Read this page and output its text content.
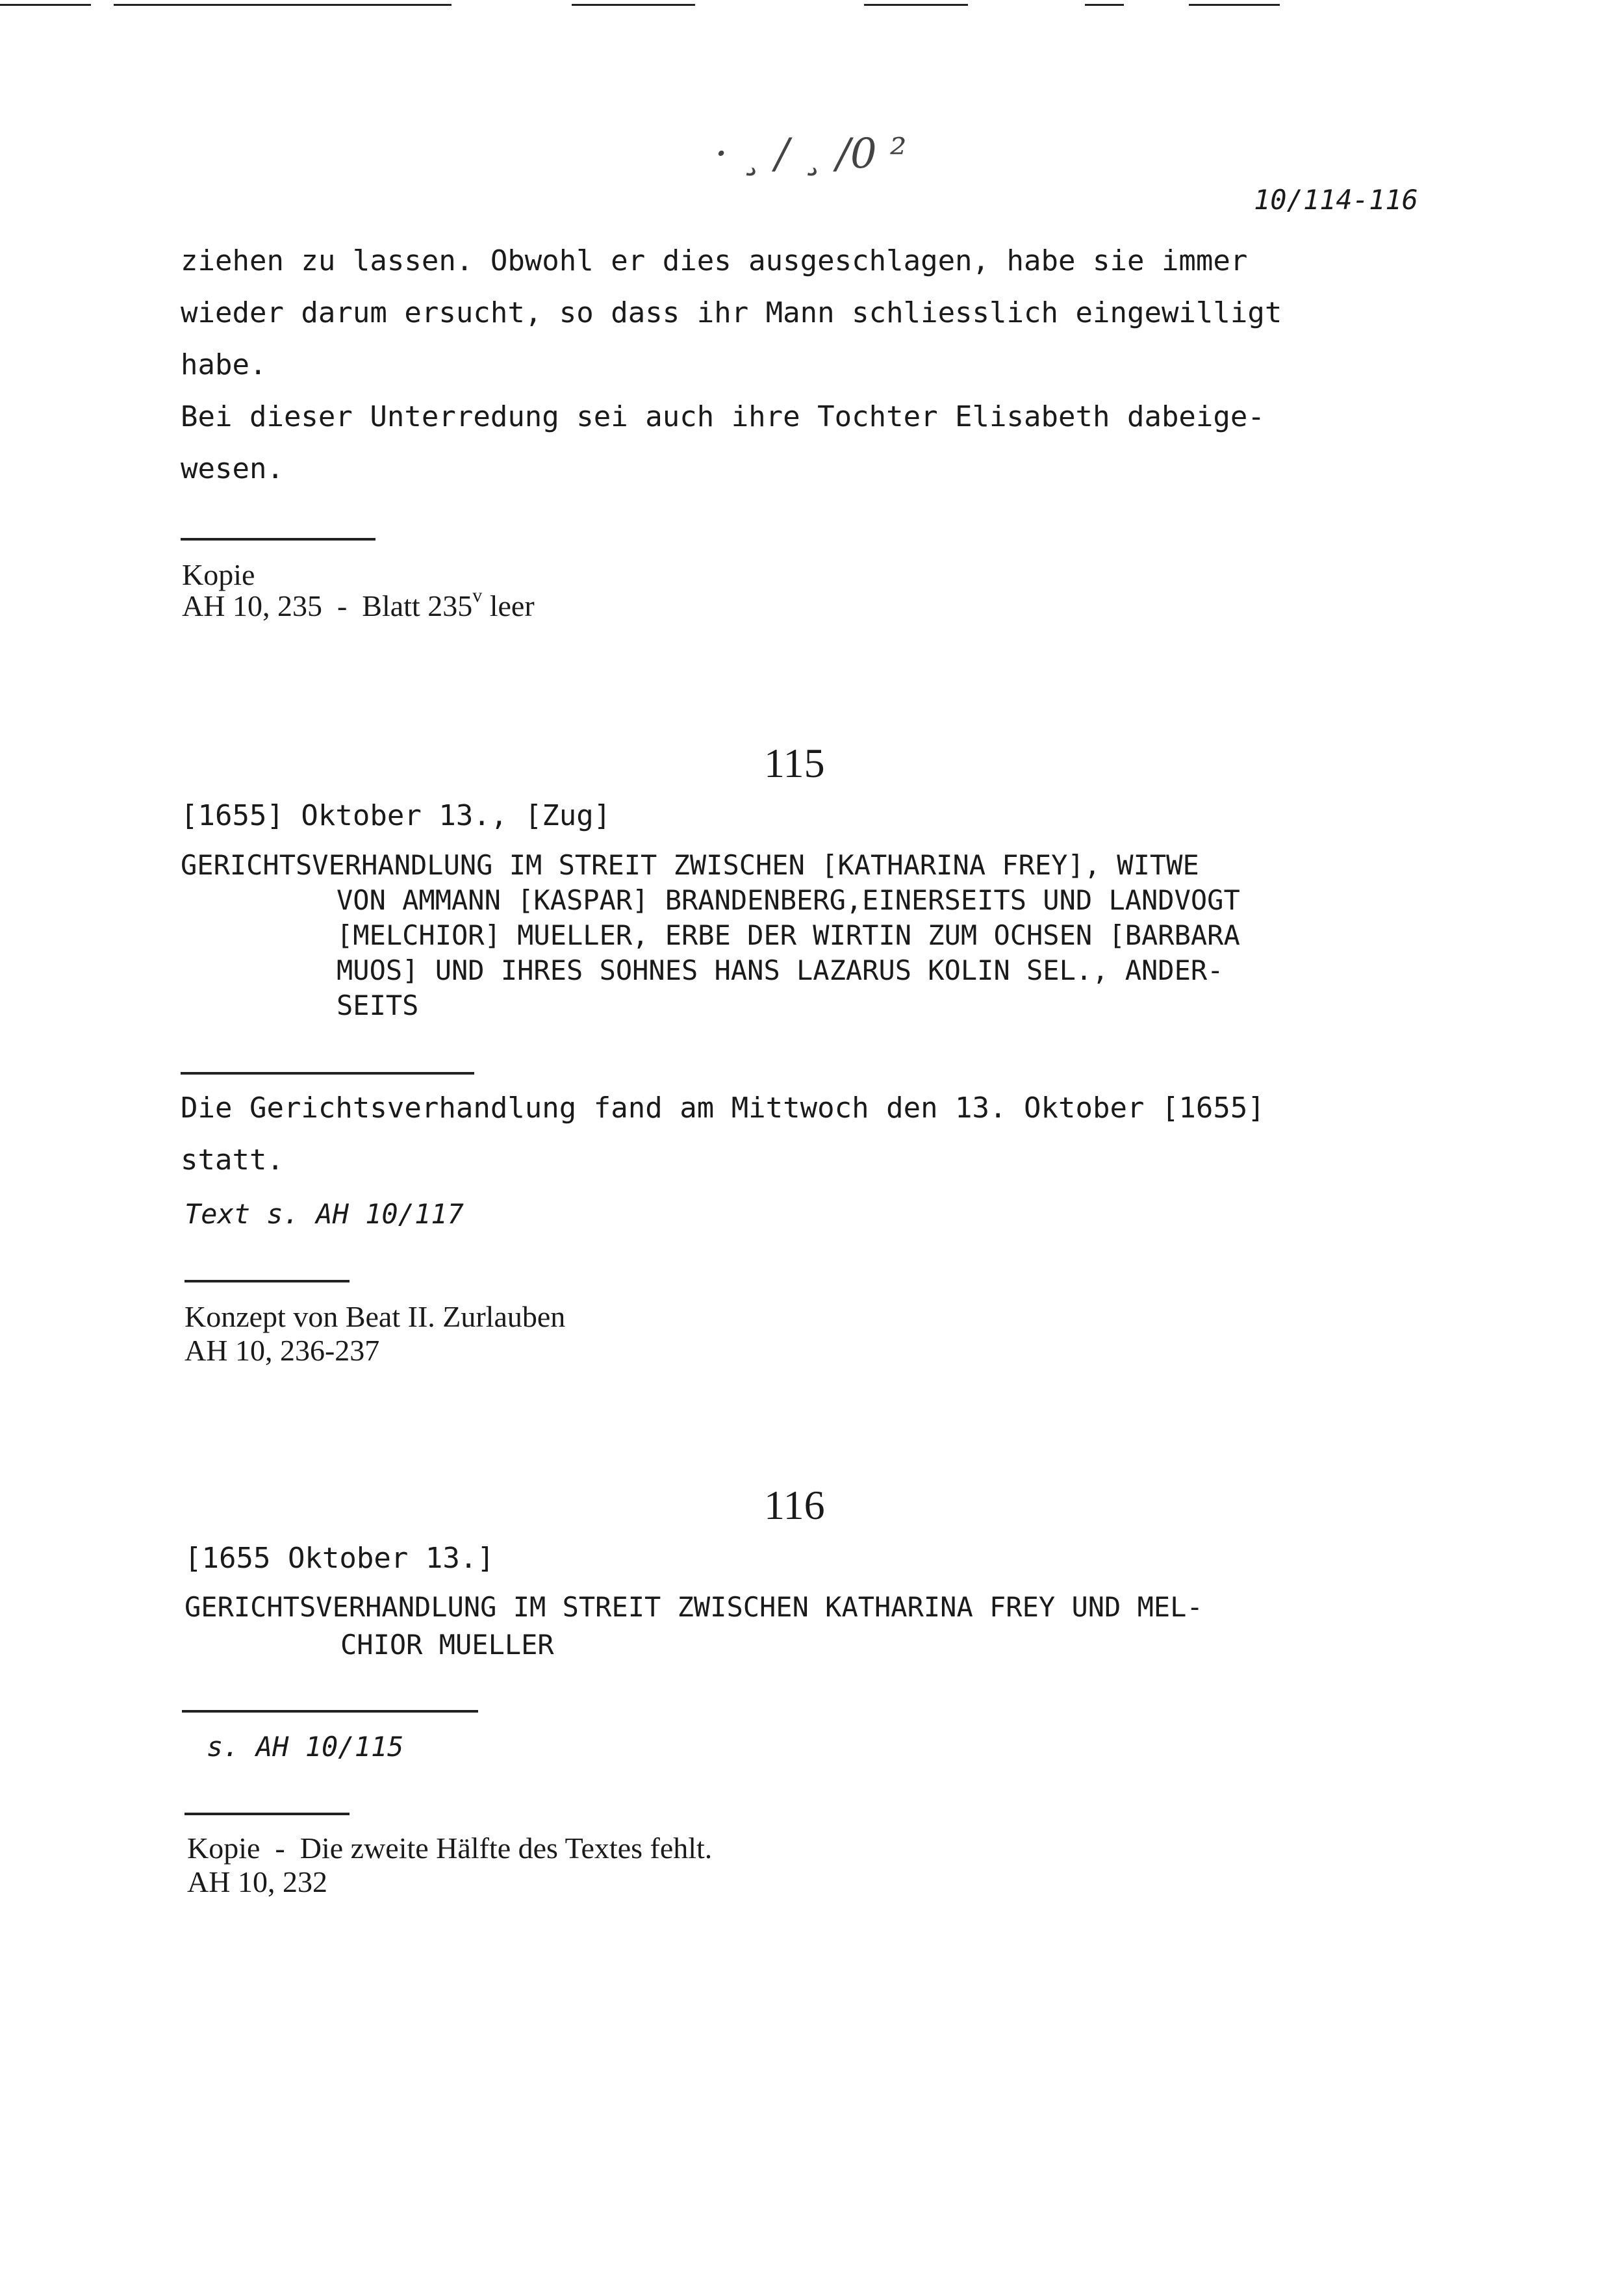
· ¸ / ¸ /0 ²
10/114-116
ziehen zu lassen. Obwohl er dies ausgeschlagen, habe sie immer
wieder darum ersucht, so dass ihr Mann schliesslich eingewilligt
habe.
Bei dieser Unterredung sei auch ihre Tochter Elisabeth dabeige-
wesen.
Kopie
AH 10, 235  -  Blatt 235$^v$ leer
115
[1655] Oktober 13., [Zug]
GERICHTSVERHANDLUNG IM STREIT ZWISCHEN [KATHARINA FREY], WITWE
VON AMMANN [KASPAR] BRANDENBERG,EINERSEITS UND LANDVOGT
[MELCHIOR] MUELLER, ERBE DER WIRTIN ZUM OCHSEN [BARBARA
MUOS] UND IHRES SOHNES HANS LAZARUS KOLIN SEL., ANDER-
SEITS
Die Gerichtsverhandlung fand am Mittwoch den 13. Oktober [1655]
statt.
Text s. AH 10/117
Konzept von Beat II. Zurlauben
AH 10, 236-237
116
[1655 Oktober 13.]
GERICHTSVERHANDLUNG IM STREIT ZWISCHEN KATHARINA FREY UND MEL-
CHIOR MUELLER
s. AH 10/115
Kopie  -  Die zweite Hälfte des Textes fehlt.
AH 10, 232
